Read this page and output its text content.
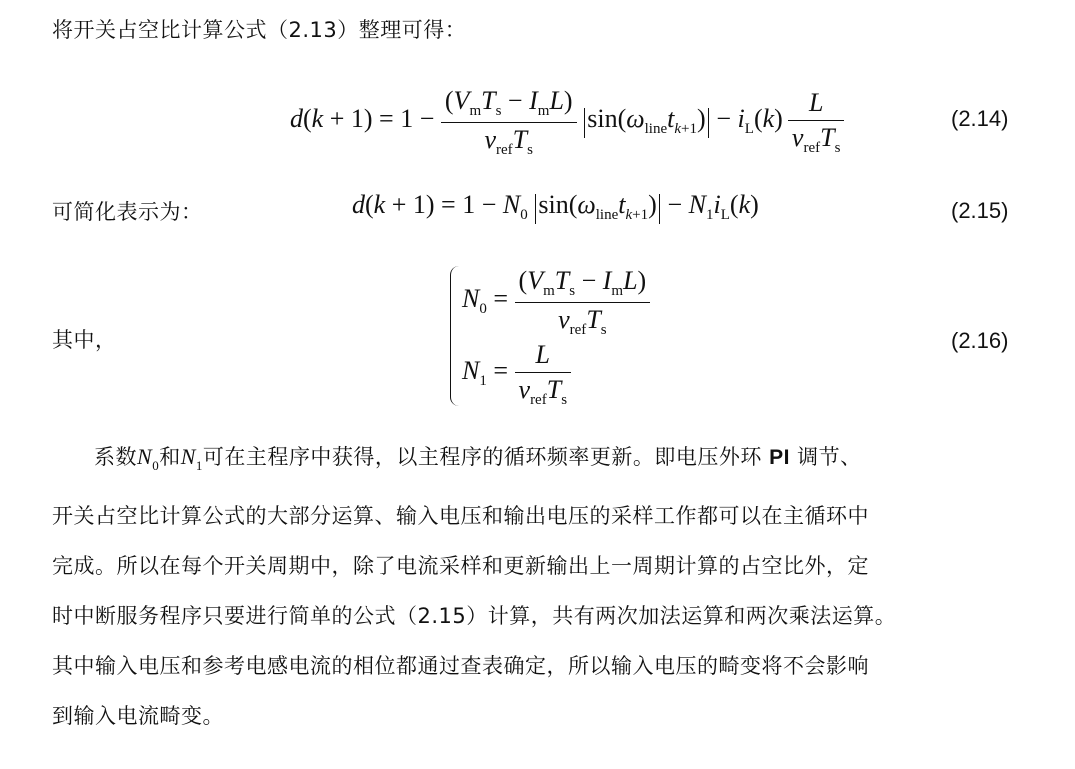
将开关占空比计算公式（2.13）整理可得：
$d(k + 1) = 1 - \frac{\text{(VmTs − ImL)}}{\text{vrefTs}}$ sin(ωlinetk+1) − $iL(k) \frac{L}{\text{vrefTs}}$	(2.14)
可简化表示为：	d(k + 1) = 1 − N0 sin(ωlinetk+1) − N1iL(k)	(2.15)
其中，
$N0 = \frac{\text{(VmTs − ImL)}}{\text{vrefTs}}$
$N1 = \frac{L}{\text{vrefTs}}$	(2.16)
系数$N_0$和$N_1$可在主程序中获得，以主程序的循环频率更新。即电压外环 PI 调节、
开关占空比计算公式的大部分运算、输入电压和输出电压的采样工作都可以在主循环中
完成。所以在每个开关周期中，除了电流采样和更新输出上一周期计算的占空比外，定
时中断服务程序只要进行简单的公式（2.15）计算，共有两次加法运算和两次乘法运算。
其中输入电压和参考电感电流的相位都通过查表确定，所以输入电压的畸变将不会影响
到输入电流畸变。
